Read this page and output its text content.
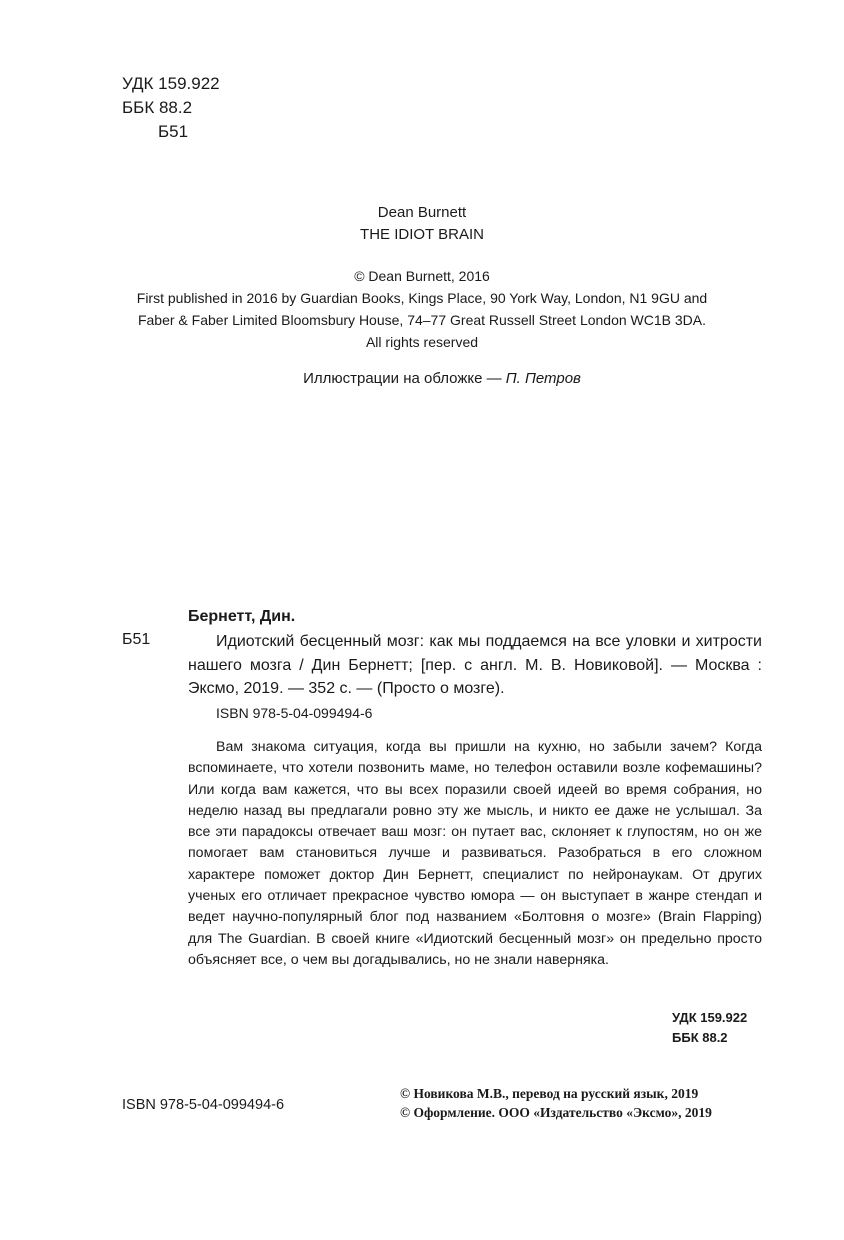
УДК 159.922
ББК 88.2
Б51
Dean Burnett
THE IDIOT BRAIN
© Dean Burnett, 2016
First published in 2016 by Guardian Books, Kings Place, 90 York Way, London, N1 9GU and
Faber & Faber Limited Bloomsbury House, 74–77 Great Russell Street London WC1B 3DA.
All rights reserved
Иллюстрации на обложке — П. Петров
Бернетт, Дин.
Б51	Идиотский бесценный мозг: как мы поддаемся на все уловки и хитрости нашего мозга / Дин Бернетт; [пер. с англ. М. В. Новиковой]. — Москва : Эксмо, 2019. — 352 с. — (Просто о мозге).

ISBN 978-5-04-099494-6

Вам знакома ситуация, когда вы пришли на кухню, но забыли зачем? Когда вспоминаете, что хотели позвонить маме, но телефон оставили возле кофемашины? Или когда вам кажется, что вы всех поразили своей идеей во время собрания, но неделю назад вы предлагали ровно эту же мысль, и никто ее даже не услышал. За все эти парадоксы отвечает ваш мозг: он путает вас, склоняет к глупостям, но он же помогает вам становиться лучше и развиваться. Разобраться в его сложном характере поможет доктор Дин Бернетт, специалист по нейронаукам. От других ученых его отличает прекрасное чувство юмора — он выступает в жанре стендап и ведет научно-популярный блог под названием «Болтовня о мозге» (Brain Flapping) для The Guardian. В своей книге «Идиотский бесценный мозг» он предельно просто объясняет все, о чем вы догадывались, но не знали наверняка.

УДК 159.922
ББК 88.2
ISBN 978-5-04-099494-6
© Новикова М.В., перевод на русский язык, 2019
© Оформление. ООО «Издательство «Эксмо», 2019
